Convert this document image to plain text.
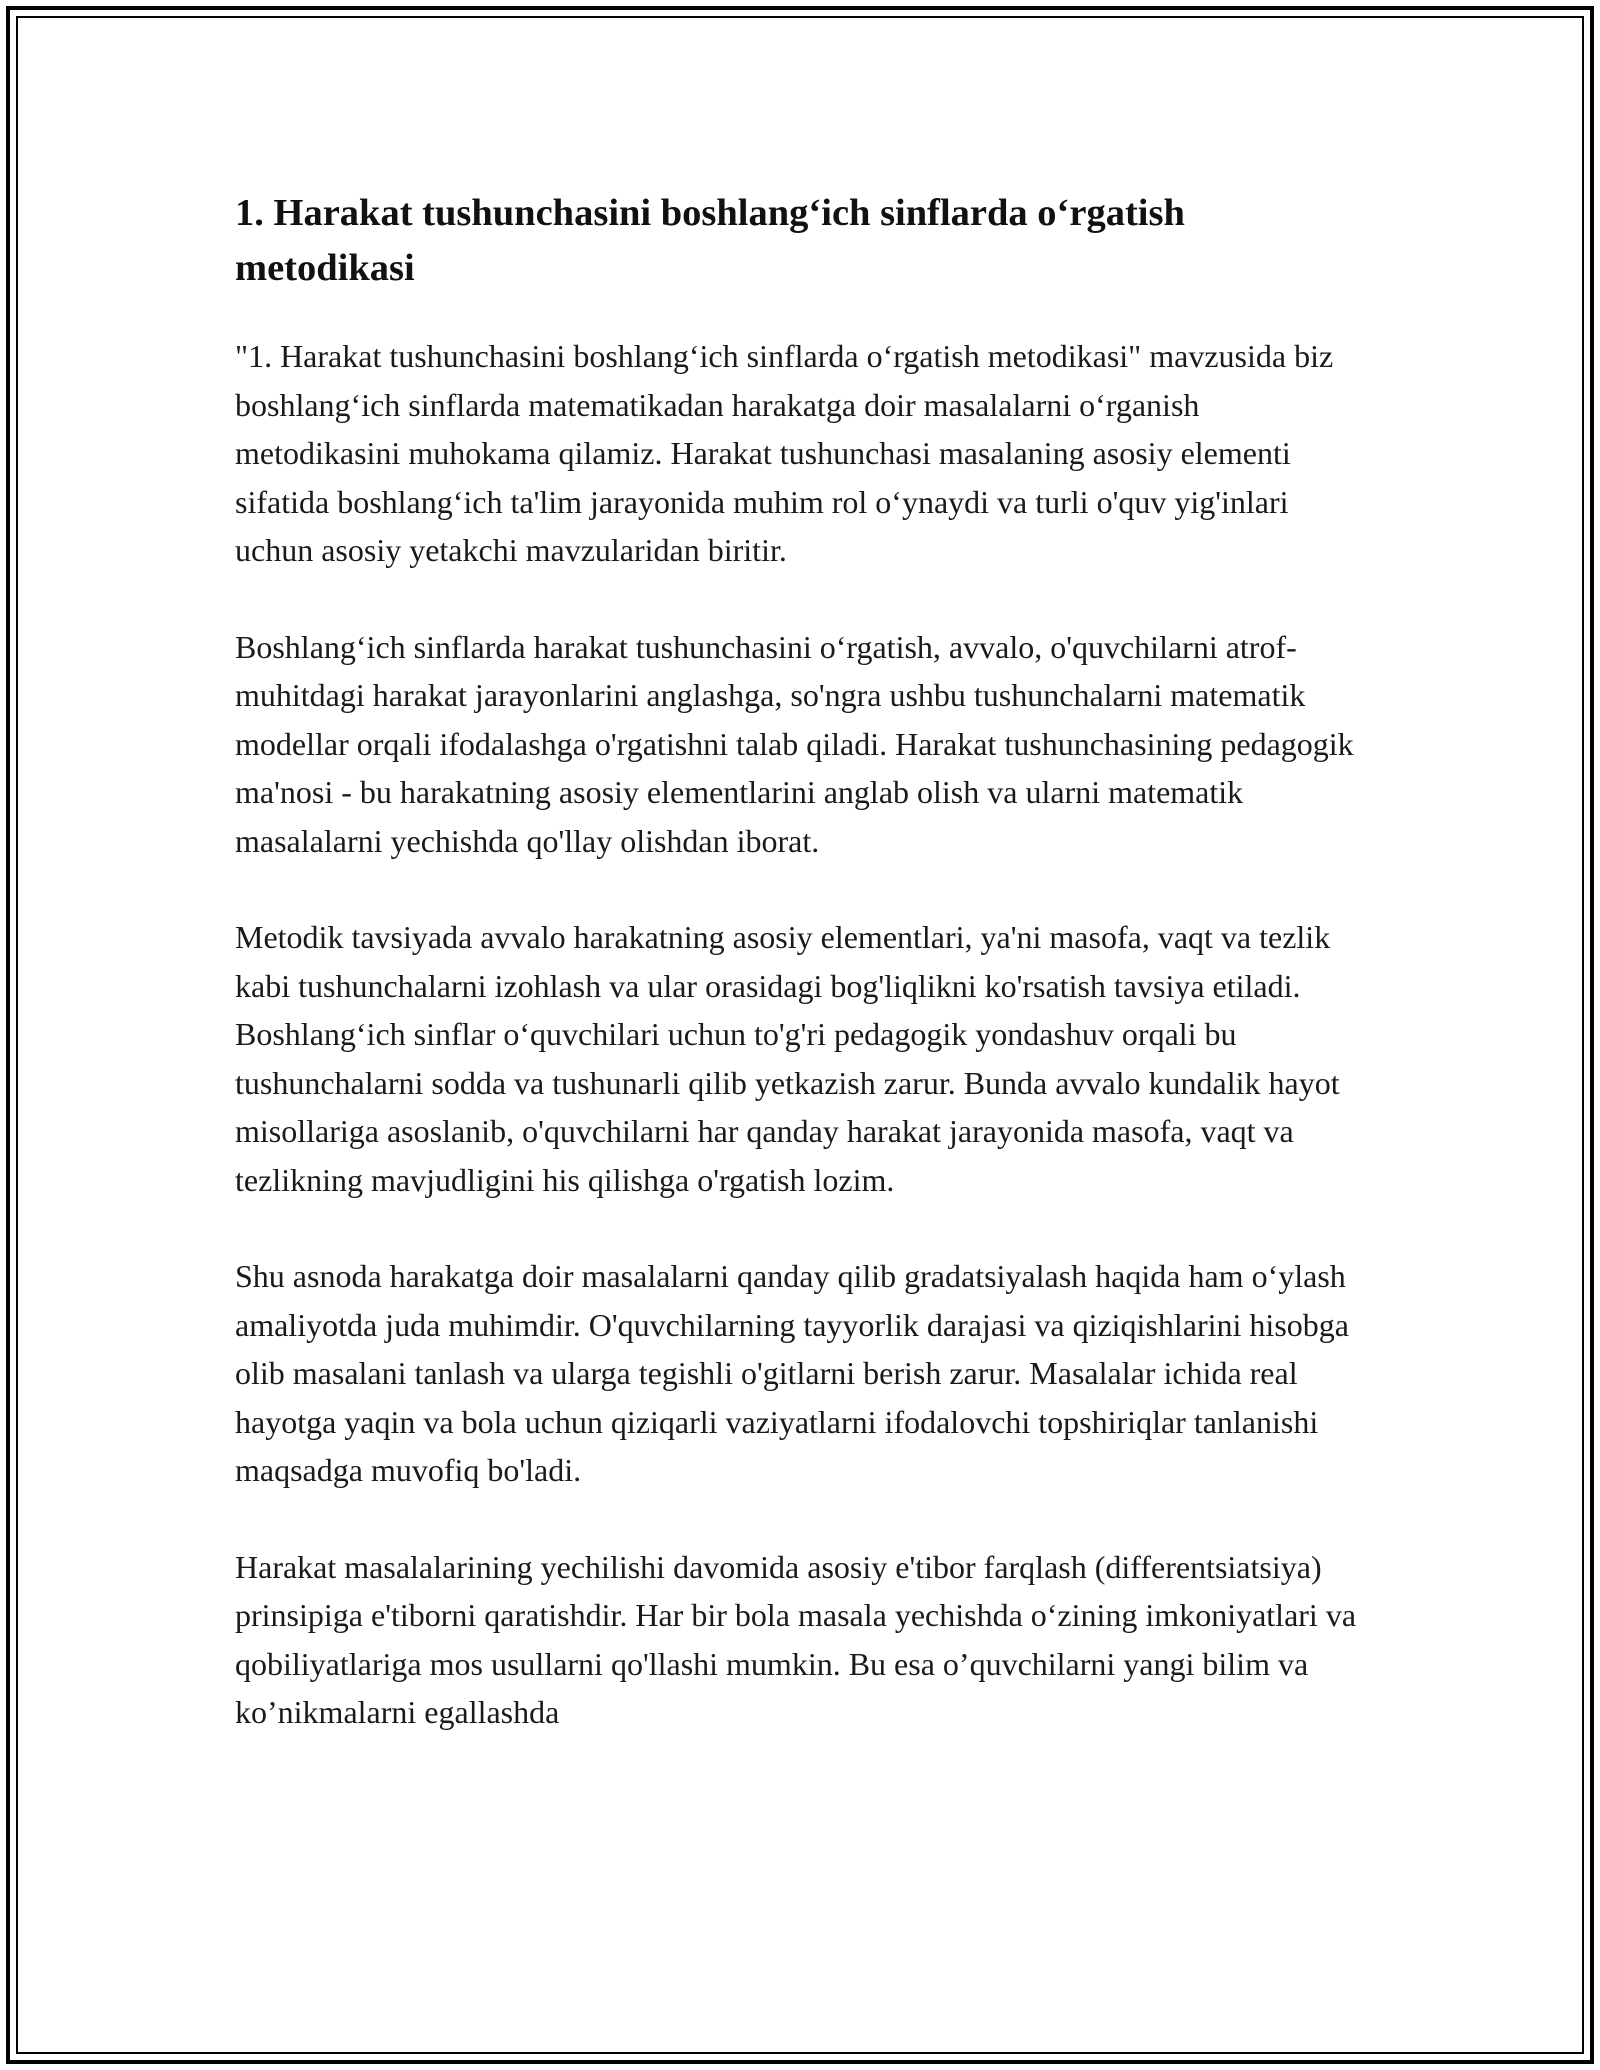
1. Harakat tushunchasini boshlang‘ich sinflarda o‘rgatish metodikasi

"1. Harakat tushunchasini boshlang‘ich sinflarda o‘rgatish metodikasi" mavzusida biz boshlang‘ich sinflarda matematikadan harakatga doir masalalarni o‘rganish metodikasini muhokama qilamiz. Harakat tushunchasi masalaning asosiy elementi sifatida boshlang‘ich ta'lim jarayonida muhim rol o‘ynaydi va turli o'quv yig'inlari uchun asosiy yetakchi mavzularidan biritir.

Boshlang‘ich sinflarda harakat tushunchasini o‘rgatish, avvalo, o'quvchilarni atrof-muhitdagi harakat jarayonlarini anglashga, so'ngra ushbu tushunchalarni matematik modellar orqali ifodalashga o'rgatishni talab qiladi. Harakat tushunchasining pedagogik ma'nosi - bu harakatning asosiy elementlarini anglab olish va ularni matematik masalalarni yechishda qo'llay olishdan iborat.

Metodik tavsiyada avvalo harakatning asosiy elementlari, ya'ni masofa, vaqt va tezlik kabi tushunchalarni izohlash va ular orasidagi bog'liqlikni ko'rsatish tavsiya etiladi. Boshlang‘ich sinflar o‘quvchilari uchun to'g'ri pedagogik yondashuv orqali bu tushunchalarni sodda va tushunarli qilib yetkazish zarur. Bunda avvalo kundalik hayot misollariga asoslanib, o'quvchilarni har qanday harakat jarayonida masofa, vaqt va tezlikning mavjudligini his qilishga o'rgatish lozim.

Shu asnoda harakatga doir masalalarni qanday qilib gradatsiyalash haqida ham o‘ylash amaliyotda juda muhimdir. O'quvchilarning tayyorlik darajasi va qiziqishlarini hisobga olib masalani tanlash va ularga tegishli o'gitlarni berish zarur. Masalalar ichida real hayotga yaqin va bola uchun qiziqarli vaziyatlarni ifodalovchi topshiriqlar tanlanishi maqsadga muvofiq bo'ladi.

Harakat masalalarining yechilishi davomida asosiy e'tibor farqlash (differentsiatsiya) prinsipiga e'tiborni qaratishdir. Har bir bola masala yechishda o‘zining imkoniyatlari va qobiliyatlariga mos usullarni qo'llashi mumkin. Bu esa o’quvchilarni yangi bilim va ko’nikmalarni egallashda
